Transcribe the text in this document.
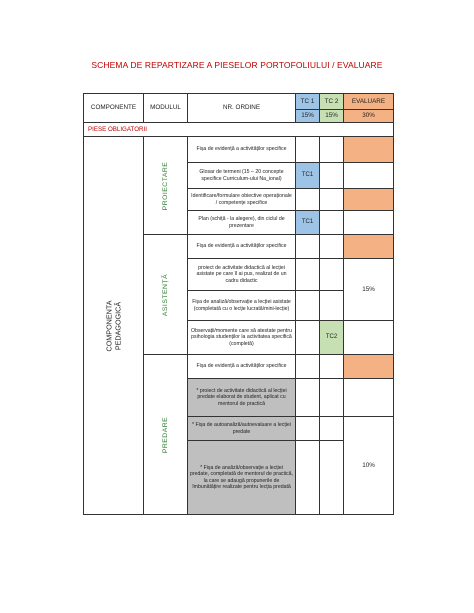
SCHEMA DE REPARTIZARE A PIESELOR PORTOFOLIULUI / EVALUARE
COMPONENTE	MODULUL	NR. ORDINE	TC 1	TC 2	EVALUARE
			15%	15%	30%
PIESE OBLIGATORII					

COMPONENTA PEDAGOGICĂ	PROIECTARE	Fișa de evidență a activităților specifice			
		Glosar de termeni (15 – 20 concepte specifice Curriculum-ului Na_ional)	TC1		
		Identificare/formulare obiective operaționale / competențe specifice			
		Plan (schiță - la alegere), din ciclul de prezentare	TC1		

	ASISTENȚĂ	Fișa de evidență a activităților specifice			
		proiect de activitate didactică al lecției asistate pe care îl ai pus, realizat de un cadru didactic			15%
		Fișa de analiză/observație a lecției asistate (completată cu o lecție lucrată/mini-lecție)			
		Observații/momente care să atestate pentru psihologia studenților la activitatea specifică (completă)		TC2	

	PREDARE	Fișa de evidență a activităților specifice			
		* proiect de activitate didactică al lecției predate elaborat de student, aplicat cu mentorul de practică			
		* Fișa de autoanaliză/autoevaluare a lecției predate			10%
		* Fișa de analiză/observație a lecției predate, completată de mentorul de practică, la care se adaugă propunerile de îmbunătățire realizate pentru lecția predată			
